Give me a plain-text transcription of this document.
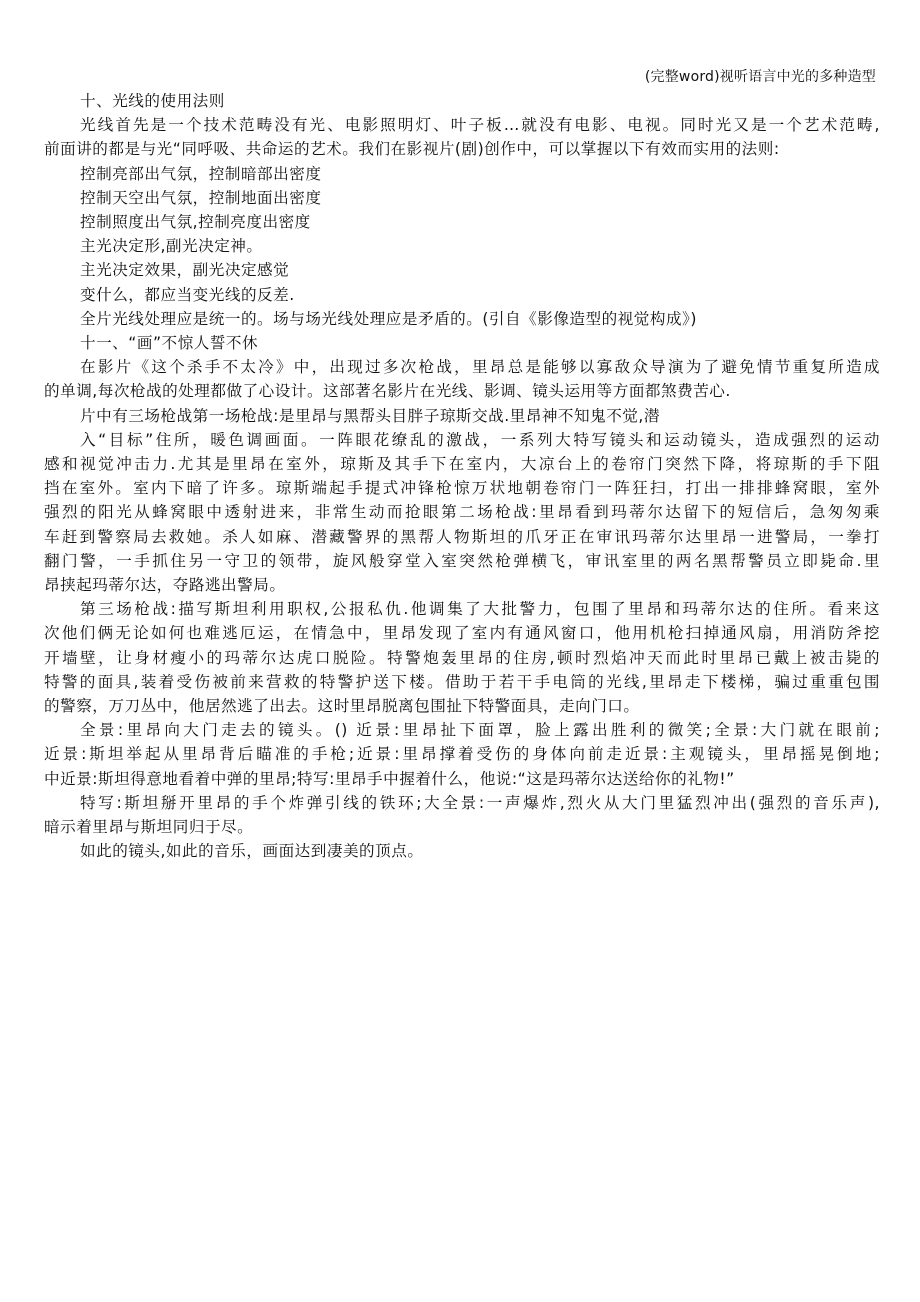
(完整word)视听语言中光的多种造型
十、光线的使用法则
光线首先是一个技术范畴没有光、电影照明灯、叶子板…就没有电影、电视。同时光又是一个艺术范畴,
前面讲的都是与光“同呼吸、共命运的艺术。我们在影视片(剧)创作中，可以掌握以下有效而实用的法则:
控制亮部出气氛，控制暗部出密度
控制天空出气氛，控制地面出密度
控制照度出气氛,控制亮度出密度
主光决定形,副光决定神。
主光决定效果，副光决定感觉
变什么，都应当变光线的反差.
全片光线处理应是统一的。场与场光线处理应是矛盾的。(引自《影像造型的视觉构成》)
十一、“画”不惊人誓不休
在影片《这个杀手不太冷》中，出现过多次枪战，里昂总是能够以寡敌众导演为了避免情节重复所造成
的单调,每次枪战的处理都做了心设计。这部著名影片在光线、影调、镜头运用等方面都煞费苦心.
片中有三场枪战第一场枪战:是里昂与黑帮头目胖子琼斯交战.里昂神不知鬼不觉,潜
入“目标”住所，暖色调画面。一阵眼花缭乱的激战，一系列大特写镜头和运动镜头，造成强烈的运动
感和视觉冲击力.尤其是里昂在室外，琼斯及其手下在室内，大凉台上的卷帘门突然下降，将琼斯的手下阻
挡在室外。室内下暗了许多。琼斯端起手提式冲锋枪惊万状地朝卷帘门一阵狂扫，打出一排排蜂窝眼，室外
强烈的阳光从蜂窝眼中透射进来，非常生动而抢眼第二场枪战:里昂看到玛蒂尔达留下的短信后，急匆匆乘
车赶到警察局去救她。杀人如麻、潜藏警界的黑帮人物斯坦的爪牙正在审讯玛蒂尔达里昂一进警局，一拳打
翻门警，一手抓住另一守卫的领带，旋风般穿堂入室突然枪弹横飞，审讯室里的两名黑帮警员立即毙命.里
昂挟起玛蒂尔达，夺路逃出警局。
第三场枪战:描写斯坦利用职权,公报私仇.他调集了大批警力，包围了里昂和玛蒂尔达的住所。看来这
次他们俩无论如何也难逃厄运，在情急中，里昂发现了室内有通风窗口，他用机枪扫掉通风扇，用消防斧挖
开墙壁，让身材瘦小的玛蒂尔达虎口脱险。特警炮轰里昂的住房,顿时烈焰冲天而此时里昂已戴上被击毙的
特警的面具,装着受伤被前来营救的特警护送下楼。借助于若干手电筒的光线,里昂走下楼梯，骗过重重包围
的警察，万刀丛中，他居然逃了出去。这时里昂脱离包围扯下特警面具，走向门口。
全景:里昂向大门走去的镜头。() 近景:里昂扯下面罩，脸上露出胜利的微笑;全景:大门就在眼前;
近景:斯坦举起从里昂背后瞄准的手枪;近景:里昂撑着受伤的身体向前走近景:主观镜头，里昂摇晃倒地;
中近景:斯坦得意地看着中弹的里昂;特写:里昂手中握着什么，他说:“这是玛蒂尔达送给你的礼物!”
特写:斯坦掰开里昂的手个炸弹引线的铁环;大全景:一声爆炸,烈火从大门里猛烈冲出(强烈的音乐声),
暗示着里昂与斯坦同归于尽。
如此的镜头,如此的音乐，画面达到凄美的顶点。
